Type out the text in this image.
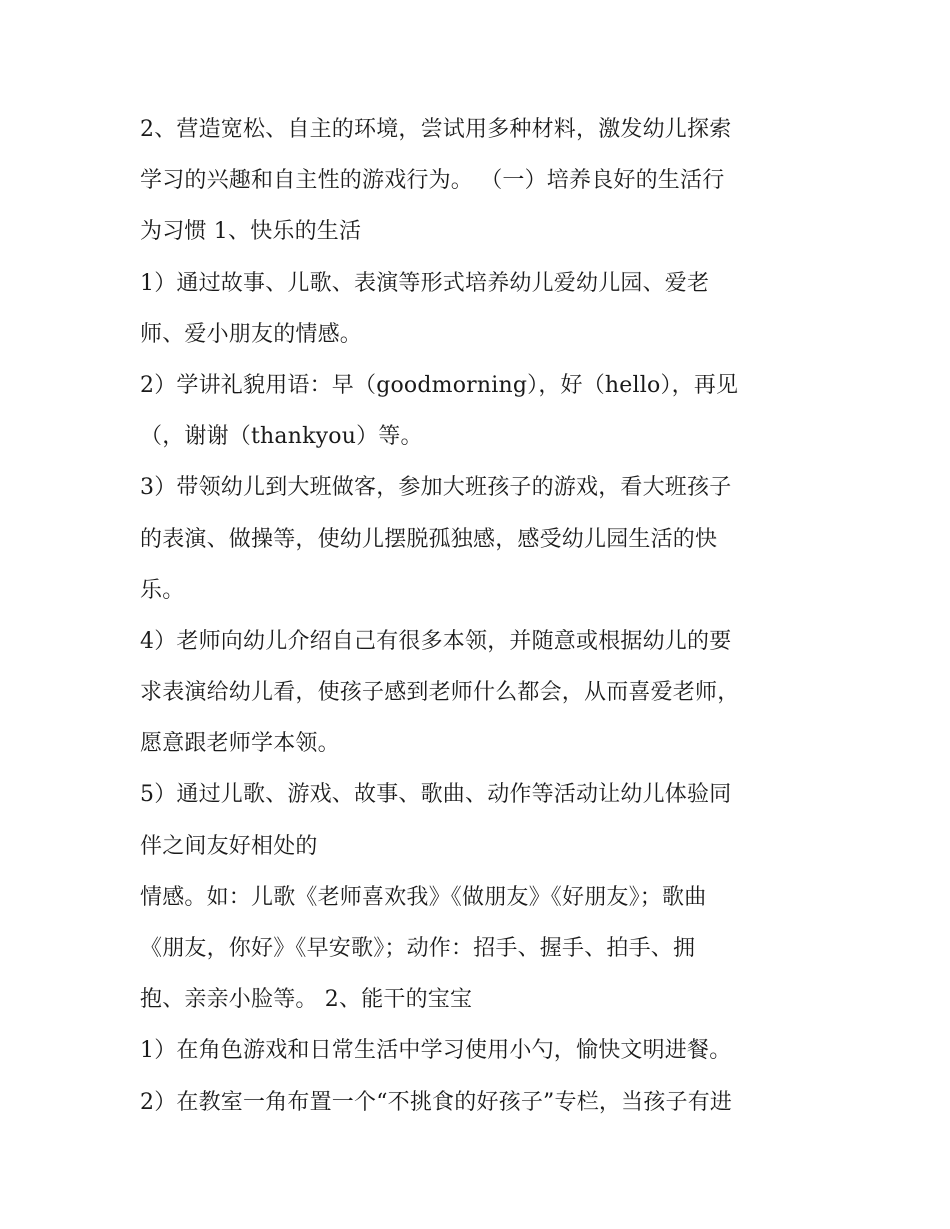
2、营造宽松、自主的环境，尝试用多种材料，激发幼儿探索
学习的兴趣和自主性的游戏行为。 （一）培养良好的生活行
为习惯 1、快乐的生活
1）通过故事、儿歌、表演等形式培养幼儿爱幼儿园、爱老
师、爱小朋友的情感。
2）学讲礼貌用语：早（goodmorning），好（hello），再见
（，谢谢（thankyou）等。
3）带领幼儿到大班做客，参加大班孩子的游戏，看大班孩子
的表演、做操等，使幼儿摆脱孤独感，感受幼儿园生活的快
乐。
4）老师向幼儿介绍自己有很多本领，并随意或根据幼儿的要
求表演给幼儿看，使孩子感到老师什么都会，从而喜爱老师，
愿意跟老师学本领。
5）通过儿歌、游戏、故事、歌曲、动作等活动让幼儿体验同
伴之间友好相处的
情感。如：儿歌《老师喜欢我》《做朋友》《好朋友》；歌曲
《朋友，你好》《早安歌》；动作：招手、握手、拍手、拥
抱、亲亲小脸等。 2、能干的宝宝
1）在角色游戏和日常生活中学习使用小勺，愉快文明进餐。
2）在教室一角布置一个“不挑食的好孩子”专栏，当孩子有进
